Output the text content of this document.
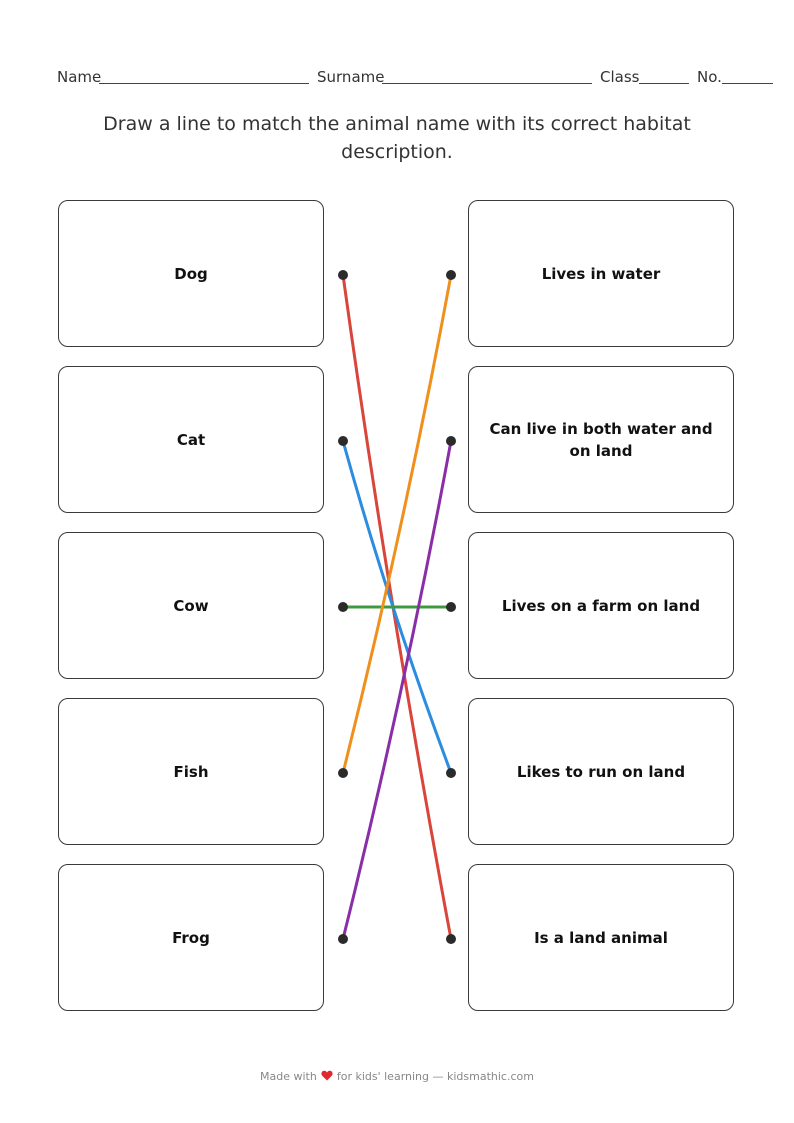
Name	Surname	Class	No.
Draw a line to match the animal name with its correct habitat description.
Dog
Cat
Cow
Fish
Frog
Lives in water
Can live in both water and on land
Lives on a farm on land
Likes to run on land
Is a land animal
Made with for kids' learning — kidsmathic.com
